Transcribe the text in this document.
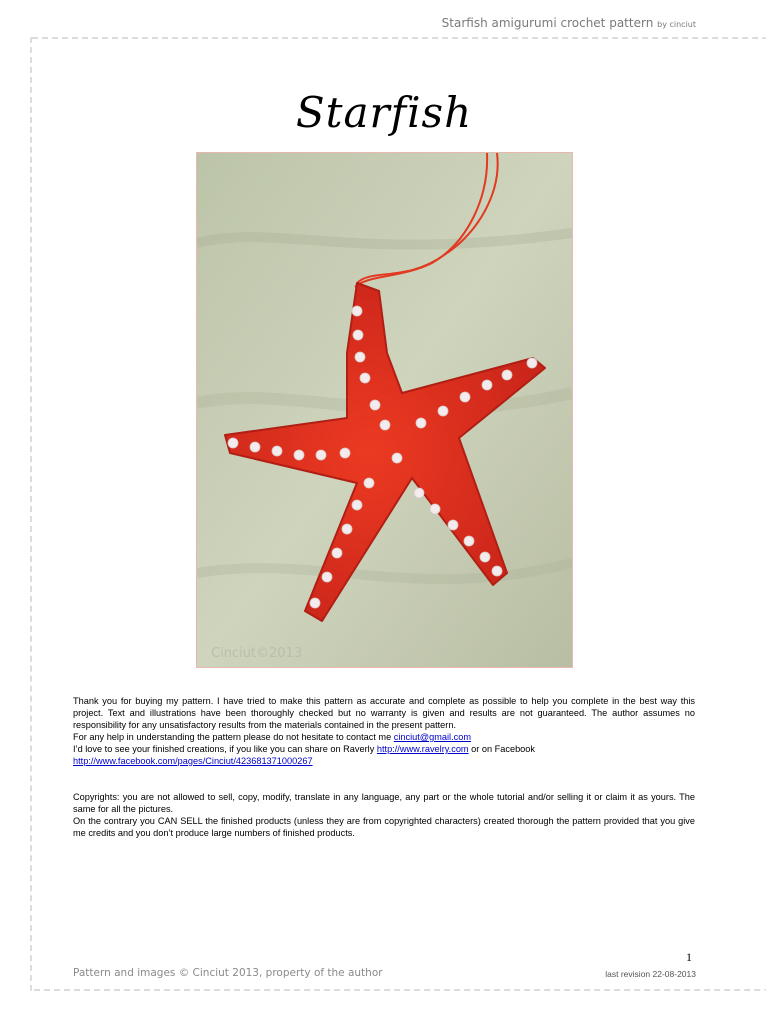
Starfish amigurumi crochet pattern by cinciut
Starfish
Cinciut©2013

Thank you for buying my pattern. I have tried to make this pattern as accurate and complete as possible to help you complete in the best way this project. Text and illustrations have been thoroughly checked but no warranty is given and results are not guaranteed. The author assumes no responsibility for any unsatisfactory results from the materials contained in the present pattern.

For any help in understanding the pattern please do not hesitate to contact me cinciut@gmail.com

I’d love to see your finished creations, if you like you can share on Raverly http://www.ravelry.com or on Facebook

http://www.facebook.com/pages/Cinciut/423681371000267

Copyrights: you are not allowed to sell, copy, modify, translate in any language, any part or the whole tutorial and/or selling it or claim it as yours. The same for all the pictures.

On the contrary you CAN SELL the finished products (unless they are from copyrighted characters) created thorough the pattern provided that you give me credits and you don’t produce large numbers of finished products.

1
Pattern and images © Cinciut 2013, property of the author	last revision 22-08-2013
